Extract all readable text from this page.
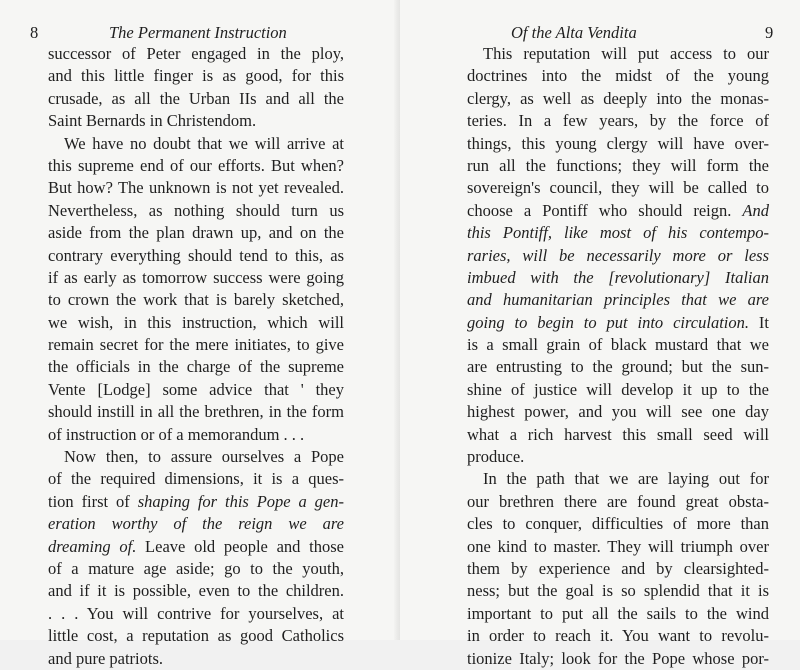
8	The Permanent Instruction
successor of Peter engaged in the ploy,
and this little finger is as good, for this
crusade, as all the Urban IIs and all the
Saint Bernards in Christendom.
We have no doubt that we will arrive at
this supreme end of our efforts. But when?
But how? The unknown is not yet revealed.
Nevertheless, as nothing should turn us
aside from the plan drawn up, and on the
contrary everything should tend to this, as
if as early as tomorrow success were going
to crown the work that is barely sketched,
we wish, in this instruction, which will
remain secret for the mere initiates, to give
the officials in the charge of the supreme
Vente [Lodge] some advice that ' they
should instill in all the brethren, in the form
of instruction or of a memorandum . . .
Now then, to assure ourselves a Pope
of the required dimensions, it is a ques-
tion first of shaping for this Pope a gen-
eration worthy of the reign we are
dreaming of. Leave old people and those
of a mature age aside; go to the youth,
and if it is possible, even to the children.
. . . You will contrive for yourselves, at
little cost, a reputation as good Catholics
and pure patriots.
Of the Alta Vendita	9
This reputation will put access to our
doctrines into the midst of the young
clergy, as well as deeply into the monas-
teries. In a few years, by the force of
things, this young clergy will have over-
run all the functions; they will form the
sovereign's council, they will be called to
choose a Pontiff who should reign. And
this Pontiff, like most of his contempo-
raries, will be necessarily more or less
imbued with the [revolutionary] Italian
and humanitarian principles that we are
going to begin to put into circulation. It
is a small grain of black mustard that we
are entrusting to the ground; but the sun-
shine of justice will develop it up to the
highest power, and you will see one day
what a rich harvest this small seed will
produce.
In the path that we are laying out for
our brethren there are found great obsta-
cles to conquer, difficulties of more than
one kind to master. They will triumph over
them by experience and by clearsighted-
ness; but the goal is so splendid that it is
important to put all the sails to the wind
in order to reach it. You want to revolu-
tionize Italy; look for the Pope whose por-
